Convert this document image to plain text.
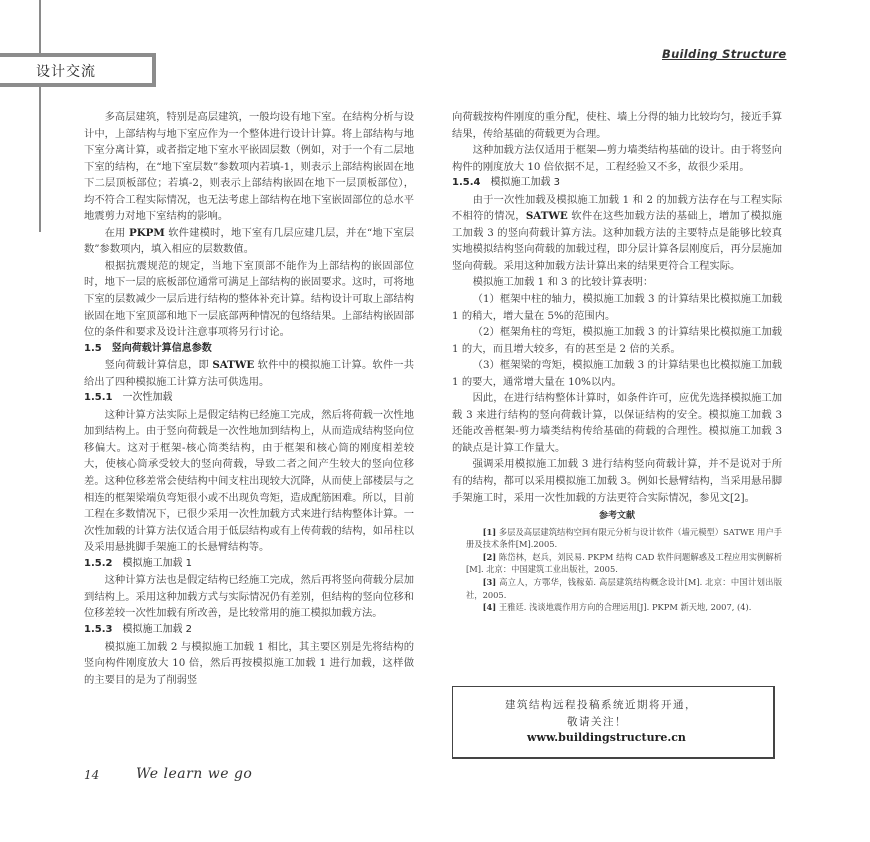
设计交流
Building Structure

多高层建筑，特别是高层建筑，一般均设有地下室。在结构分析与设计中，上部结构与地下室应作为一个整体进行设计计算。将上部结构与地下室分离计算，或者指定地下室水平嵌固层数（例如，对于一个有二层地下室的结构，在“地下室层数”参数项内若填-1，则表示上部结构嵌固在地下二层顶板部位；若填-2，则表示上部结构嵌固在地下一层顶板部位），均不符合工程实际情况，也无法考虑上部结构在地下室嵌固部位的总水平地震剪力对地下室结构的影响。

在用 PKPM 软件建模时，地下室有几层应建几层，并在“地下室层数”参数项内，填入相应的层数数值。

根据抗震规范的规定，当地下室顶部不能作为上部结构的嵌固部位时，地下一层的底板部位通常可满足上部结构的嵌固要求。这时，可将地下室的层数减少一层后进行结构的整体补充计算。结构设计可取上部结构嵌固在地下室顶部和地下一层底部两种情况的包络结果。上部结构嵌固部位的条件和要求及设计注意事项将另行讨论。

1.5 竖向荷载计算信息参数

竖向荷载计算信息，即 SATWE 软件中的模拟施工计算。软件一共给出了四种模拟施工计算方法可供选用。

1.5.1 一次性加载

这种计算方法实际上是假定结构已经施工完成，然后将荷载一次性地加到结构上。由于竖向荷载是一次性地加到结构上，从而造成结构竖向位移偏大。这对于框架-核心筒类结构，由于框架和核心筒的刚度相差较大，使核心筒承受较大的竖向荷载，导致二者之间产生较大的竖向位移差。这种位移差常会使结构中间支柱出现较大沉降，从而使上部楼层与之相连的框架梁端负弯矩很小或不出现负弯矩，造成配筋困难。所以，目前工程在多数情况下，已很少采用一次性加载方式来进行结构整体计算。一次性加载的计算方法仅适合用于低层结构或有上传荷载的结构，如吊柱以及采用悬挑脚手架施工的长悬臂结构等。

1.5.2 模拟施工加载 1

这种计算方法也是假定结构已经施工完成，然后再将竖向荷载分层加到结构上。采用这种加载方式与实际情况仍有差别，但结构的竖向位移和位移差较一次性加载有所改善，是比较常用的施工模拟加载方法。

1.5.3 模拟施工加载 2

模拟施工加载 2 与模拟施工加载 1 相比，其主要区别是先将结构的竖向构件刚度放大 10 倍，然后再按模拟施工加载 1 进行加载，这样做的主要目的是为了削弱竖

向荷载按构件刚度的重分配，使柱、墙上分得的轴力比较均匀，接近手算结果，传给基础的荷载更为合理。

这种加载方法仅适用于框架—剪力墙类结构基础的设计。由于将竖向构件的刚度放大 10 倍依据不足，工程经验又不多，故很少采用。

1.5.4 模拟施工加载 3

由于一次性加载及模拟施工加载 1 和 2 的加载方法存在与工程实际不相符的情况，SATWE 软件在这些加载方法的基础上，增加了模拟施工加载 3 的竖向荷载计算方法。这种加载方法的主要特点是能够比较真实地模拟结构竖向荷载的加载过程，即分层计算各层刚度后，再分层施加竖向荷载。采用这种加载方法计算出来的结果更符合工程实际。

模拟施工加载 1 和 3 的比较计算表明：

（1）框架中柱的轴力，模拟施工加载 3 的计算结果比模拟施工加载 1 的稍大，增大量在 5%的范围内。

（2）框架角柱的弯矩，模拟施工加载 3 的计算结果比模拟施工加载 1 的大，而且增大较多，有的甚至是 2 倍的关系。

（3）框架梁的弯矩，模拟施工加载 3 的计算结果也比模拟施工加载 1 的要大，通常增大量在 10%以内。

因此，在进行结构整体计算时，如条件许可，应优先选择模拟施工加载 3 来进行结构的竖向荷载计算，以保证结构的安全。模拟施工加载 3 还能改善框架-剪力墙类结构传给基础的荷载的合理性。模拟施工加载 3 的缺点是计算工作量大。

强调采用模拟施工加载 3 进行结构竖向荷载计算，并不是说对于所有的结构，都可以采用模拟施工加载 3。例如长悬臂结构，当采用悬吊脚手架施工时，采用一次性加载的方法更符合实际情况，参见文[2]。

参考文献

[1] 多层及高层建筑结构空间有限元分析与设计软件（墙元模型）SATWE 用户手册及技术条件[M].2005.

[2] 陈岱林，赵兵，刘民易. PKPM 结构 CAD 软件问题解惑及工程应用实例解析[M]. 北京：中国建筑工业出版社，2005.

[3] 高立人，方鄂华，钱稼茹. 高层建筑结构概念设计[M]. 北京：中国计划出版社，2005.

[4] 王雅廷. 浅谈地震作用方向的合理运用[J]. PKPM 新天地, 2007, (4).

建筑结构远程投稿系统近期将开通，
敬请关注！
www.buildingstructure.cn
14	We learn we go
